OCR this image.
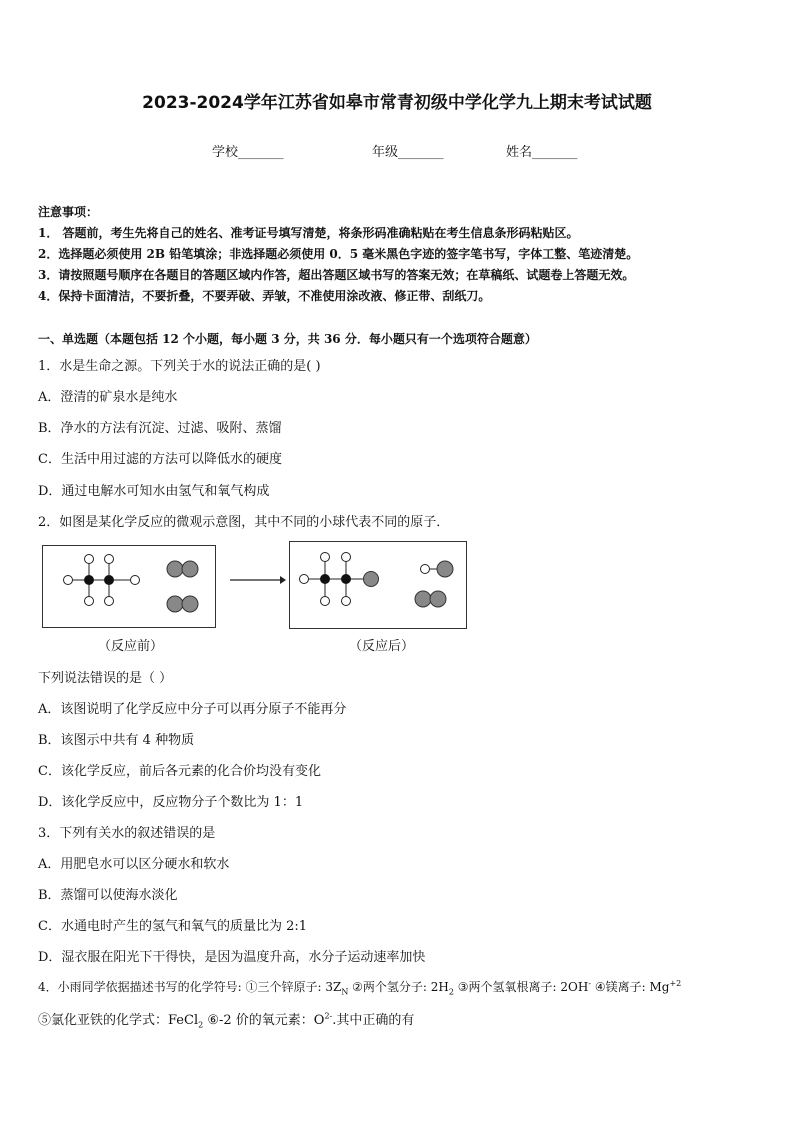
2023-2024学年江苏省如皋市常青初级中学化学九上期末考试试题
学校_______	年级_______	姓名_______
注意事项：
1． 答题前，考生先将自己的姓名、准考证号填写清楚，将条形码准确粘贴在考生信息条形码粘贴区。
2．选择题必须使用 2B 铅笔填涂；非选择题必须使用 0．5 毫米黑色字迹的签字笔书写，字体工整、笔迹清楚。
3．请按照题号顺序在各题目的答题区域内作答，超出答题区域书写的答案无效；在草稿纸、试题卷上答题无效。
4．保持卡面清洁，不要折叠，不要弄破、弄皱，不准使用涂改液、修正带、刮纸刀。
一、单选题（本题包括 12 个小题，每小题 3 分，共 36 分．每小题只有一个选项符合题意）
1．水是生命之源。下列关于水的说法正确的是( )
A．澄清的矿泉水是纯水
B．净水的方法有沉淀、过滤、吸附、蒸馏
C．生活中用过滤的方法可以降低水的硬度
D．通过电解水可知水由氢气和氧气构成
2．如图是某化学反应的微观示意图，其中不同的小球代表不同的原子．
（反应前）	（反应后）
下列说法错误的是（ ）
A．该图说明了化学反应中分子可以再分原子不能再分
B．该图示中共有 4 种物质
C．该化学反应，前后各元素的化合价均没有变化
D．该化学反应中，反应物分子个数比为 1：1
3．下列有关水的叙述错误的是
A．用肥皂水可以区分硬水和软水
B．蒸馏可以使海水淡化
C．水通电时产生的氢气和氧气的质量比为 2:1
D．湿衣服在阳光下干得快，是因为温度升高，水分子运动速率加快
4．小雨同学依据描述书写的化学符号: ①三个锌原子: $3Z_N$ ②两个氢分子: $2H_2$ ③两个氢氧根离子: 2OH- ④镁离子: $Mg^{+2}$
⑤氯化亚铁的化学式：FeCl$_2$ ⑥-2 价的氧元素：$O^{2-}$.其中正确的有
